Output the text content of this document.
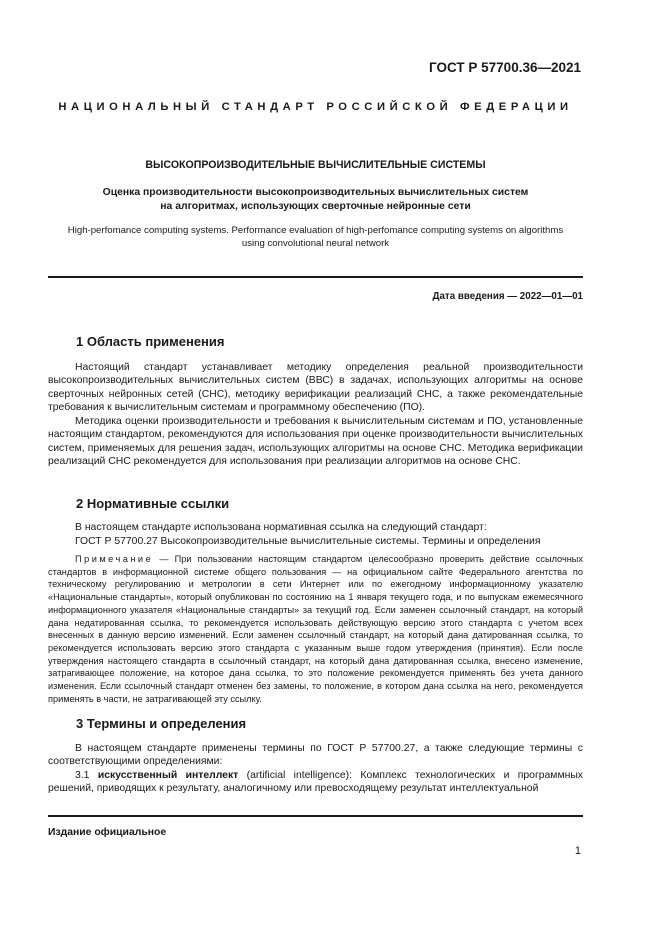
ГОСТ Р 57700.36—2021
НАЦИОНАЛЬНЫЙ СТАНДАРТ РОССИЙСКОЙ ФЕДЕРАЦИИ
ВЫСОКОПРОИЗВОДИТЕЛЬНЫЕ ВЫЧИСЛИТЕЛЬНЫЕ СИСТЕМЫ
Оценка производительности высокопроизводительных вычислительных систем
на алгоритмах, использующих сверточные нейронные сети
High-perfomance computing systems. Performance evaluation of high-perfomance computing systems on algorithms
using convolutional neural network
Дата введения — 2022—01—01
1 Область применения
Настоящий стандарт устанавливает методику определения реальной производительности высокопроизводительных вычислительных систем (ВВС) в задачах, использующих алгоритмы на основе сверточных нейронных сетей (СНС), методику верификации реализаций СНС, а также рекомендательные требования к вычислительным системам и программному обеспечению (ПО).
Методика оценки производительности и требования к вычислительным системам и ПО, установленные настоящим стандартом, рекомендуются для использования при оценке производительности вычислительных систем, применяемых для решения задач, использующих алгоритмы на основе СНС. Методика верификации реализаций СНС рекомендуется для использования при реализации алгоритмов на основе СНС.
2 Нормативные ссылки
В настоящем стандарте использована нормативная ссылка на следующий стандарт:
ГОСТ Р 57700.27 Высокопроизводительные вычислительные системы. Термины и определения
Примечание — При пользовании настоящим стандартом целесообразно проверить действие ссылочных стандартов в информационной системе общего пользования — на официальном сайте Федерального агентства по техническому регулированию и метрологии в сети Интернет или по ежегодному информационному указателю «Национальные стандарты», который опубликован по состоянию на 1 января текущего года, и по выпускам ежемесячного информационного указателя «Национальные стандарты» за текущий год. Если заменен ссылочный стандарт, на который дана недатированная ссылка, то рекомендуется использовать действующую версию этого стандарта с учетом всех внесенных в данную версию изменений. Если заменен ссылочный стандарт, на который дана датированная ссылка, то рекомендуется использовать версию этого стандарта с указанным выше годом утверждения (принятия). Если после утверждения настоящего стандарта в ссылочный стандарт, на который дана датированная ссылка, внесено изменение, затрагивающее положение, на которое дана ссылка, то это положение рекомендуется применять без учета данного изменения. Если ссылочный стандарт отменен без замены, то положение, в котором дана ссылка на него, рекомендуется применять в части, не затрагивающей эту ссылку.
3 Термины и определения
В настоящем стандарте применены термины по ГОСТ Р 57700.27, а также следующие термины с соответствующими определениями:
3.1 искусственный интеллект (artificial intelligence): Комплекс технологических и программных решений, приводящих к результату, аналогичному или превосходящему результат интеллектуальной
Издание официальное
1
